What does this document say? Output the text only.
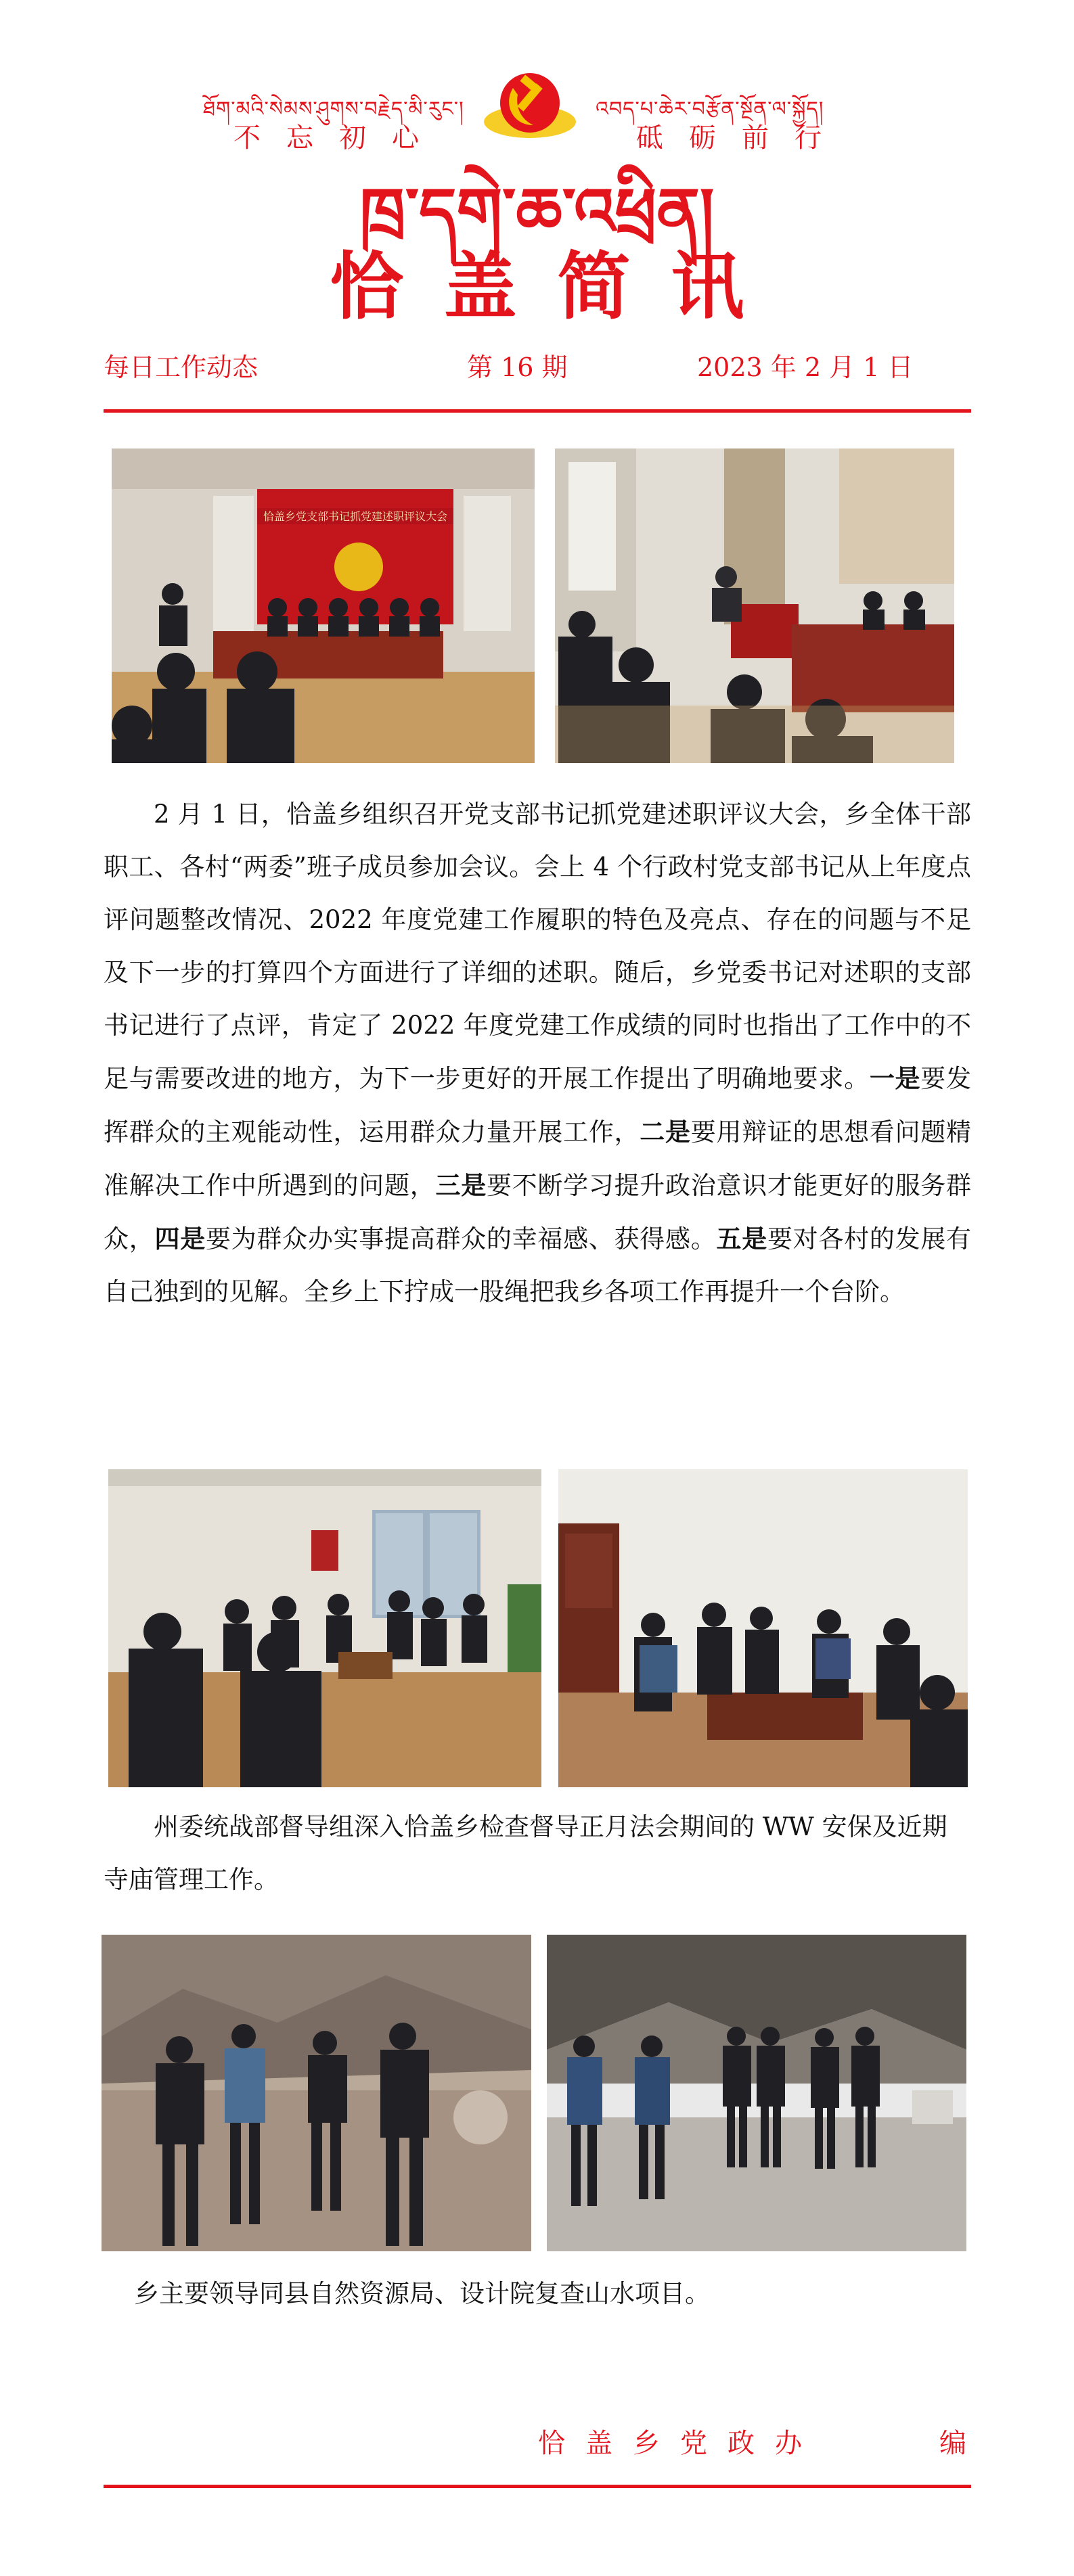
ཐོག་མའི་སེམས་ཤུགས་བརྗེད་མི་རུང་།
不忘初心
འབད་པ་ཆེར་བརྩོན་སྔོན་ལ་སྐྱོད།
砥砺前行
ཁྲ་དགེ་ཆ་འཕྲིན།
恰盖简讯
每日工作动态	第 16 期	2023 年 2 月 1 日
恰盖乡党支部书记抓党建述职评议大会
2 月 1 日，恰盖乡组织召开党支部书记抓党建述职评议大会，乡全体干部职工、各村“两委”班子成员参加会议。会上 4 个行政村党支部书记从上年度点评问题整改情况、2022 年度党建工作履职的特色及亮点、存在的问题与不足及下一步的打算四个方面进行了详细的述职。随后，乡党委书记对述职的支部书记进行了点评，肯定了 2022 年度党建工作成绩的同时也指出了工作中的不足与需要改进的地方，为下一步更好的开展工作提出了明确地要求。一是要发挥群众的主观能动性，运用群众力量开展工作，二是要用辩证的思想看问题精准解决工作中所遇到的问题，三是要不断学习提升政治意识才能更好的服务群众，四是要为群众办实事提高群众的幸福感、获得感。五是要对各村的发展有自己独到的见解。全乡上下拧成一股绳把我乡各项工作再提升一个台阶。
州委统战部督导组深入恰盖乡检查督导正月法会期间的 WW 安保及近期寺庙管理工作。
乡主要领导同县自然资源局、设计院复查山水项目。
恰盖乡党政办	编
